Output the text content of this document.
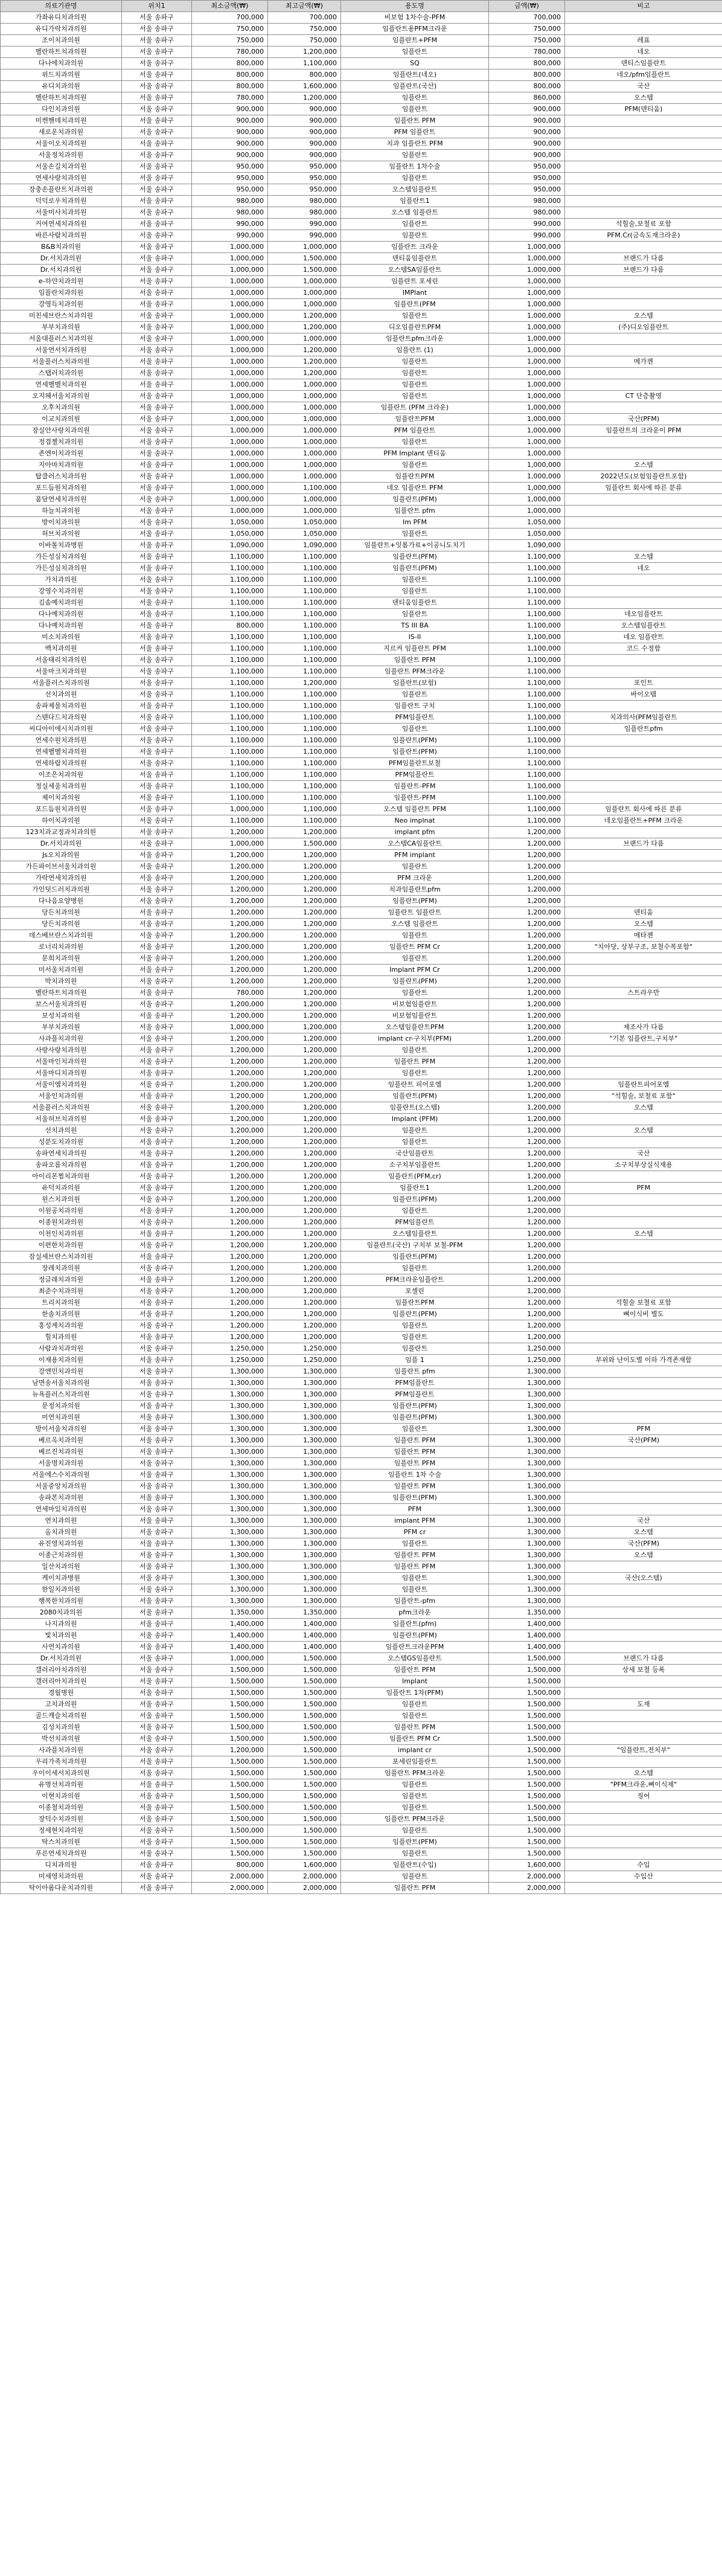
의료기관명	위치1	최소금액(₩)	최고금액(₩)	용도명	금액(₩)	비고
가좌유디치과의원	서울 송파구	700,000	700,000	비보험 1차수술-PFM	700,000	
유디가락치과의원	서울 송파구	750,000	750,000	임플란트용PFM크라운	750,000	
조이치과의원	서울 송파구	750,000	750,000	임플란트+PFM	750,000	레표
벨란하트치과의원	서울 송파구	780,000	1,200,000	임플란트	780,000	네오
다나에치과의원	서울 송파구	800,000	1,100,000	SQ	800,000	덴티스임플란트
위드치과의원	서울 송파구	800,000	800,000	임플란트(네오)	800,000	네오/pfm임플란트
유디치과의원	서울 송파구	800,000	1,600,000	임플란트(국산)	800,000	국산
벨란하트치과의원	서울 송파구	780,000	1,200,000	임플란트	860,000	오스템
다인치과의원	서울 송파구	900,000	900,000	임플란트	900,000	PFM(덴티움)
미켄핸데치과의원	서울 송파구	900,000	900,000	임플란트 PFM	900,000	
새로운치과의원	서울 송파구	900,000	900,000	PFM 임플란트	900,000	
서울이오치과의원	서울 송파구	900,000	900,000	치과 임플란트 PFM	900,000	
서울정치과의원	서울 송파구	900,000	900,000	임플란트	900,000	
서울손길치과의원	서울 송파구	950,000	950,000	임플란트 1차수술	950,000	
연세사랑치과의원	서울 송파구	950,000	950,000	임플란트	950,000	
장충손플란트치과의원	서울 송파구	950,000	950,000	오스템임플란트	950,000	
덕덕로우치과의원	서울 송파구	980,000	980,000	임플란트1	980,000	
서울미사치과의원	서울 송파구	980,000	980,000	오스템 임플란트	980,000	
커여연세치과의원	서울 송파구	990,000	990,000	임플란트	990,000	석힐술,보철료 포함
바른사람치과의원	서울 송파구	990,000	990,000	임플란트	990,000	PFM.Cr(금속도재크라운)
B&B치과의원	서울 송파구	1,000,000	1,000,000	임플란트 크라운	1,000,000	
Dr.서치과의원	서울 송파구	1,000,000	1,500,000	덴티움임플란트	1,000,000	브랜드가 다름
Dr.서치과의원	서울 송파구	1,000,000	1,500,000	오스템SA임플란트	1,000,000	브랜드가 다름
e-하얀치과의원	서울 송파구	1,000,000	1,000,000	임플란트 포세린	1,000,000	
임플란치과의원	서울 송파구	1,000,000	1,000,000	IMPlant	1,000,000	
강영득치과의원	서울 송파구	1,000,000	1,000,000	임플란트(PFM	1,000,000	
미친세브란스치과의원	서울 송파구	1,000,000	1,200,000	임플란트	1,000,000	오스템
부부치과의원	서울 송파구	1,000,000	1,200,000	디오임플란트PFM	1,000,000	(주)디오임플란트
서울대플러스치과의원	서울 송파구	1,000,000	1,000,000	임플란트pfm크라운	1,000,000	
서울연서치과의원	서울 송파구	1,000,000	1,200,000	임플란트 (1)	1,000,000	
서울플러스치과의원	서울 송파구	1,000,000	1,200,000	임플란트	1,000,000	메가젠
스탭러치과의원	서울 송파구	1,000,000	1,200,000	임플란트	1,000,000	
연세벨벨치과의원	서울 송파구	1,000,000	1,000,000	임플란트	1,000,000	
오지혜서울치과의원	서울 송파구	1,000,000	1,000,000	임플란트	1,000,000	CT 단층촬영
오후치과의원	서울 송파구	1,000,000	1,000,000	임플란트 (PFM 크라운)	1,000,000	
이교치과의원	서울 송파구	1,000,000	1,000,000	임플란트PFM	1,000,000	국산(PFM)
장실안사랑치과의원	서울 송파구	1,000,000	1,000,000	PFM 임플란트	1,000,000	임플란트의 크라운이 PFM
정겹젤치과의원	서울 송파구	1,000,000	1,000,000	임플란트	1,000,000	
존엔이치과의원	서울 송파구	1,000,000	1,000,000	PFM Implant 덴티움	1,000,000	
지아마치과의원	서울 송파구	1,000,000	1,000,000	임플란트	1,000,000	오스템
탑클러스치과의원	서울 송파구	1,000,000	1,000,000	임플란트PFM	1,000,000	2022년도(보험임플란트포함)
포드듬원치과의원	서울 송파구	1,000,000	1,100,000	네오 임플란트 PFM	1,000,000	임플란트 회사에 따른 분류
품담연세치과의원	서울 송파구	1,000,000	1,000,000	임플란트(PFM)	1,000,000	
하늘치과의원	서울 송파구	1,000,000	1,000,000	임플란트 pfm	1,000,000	
방이치과의원	서울 송파구	1,050,000	1,050,000	Im PFM	1,050,000	
허브치과의원	서울 송파구	1,050,000	1,050,000	임플란트	1,050,000	
이바톨치과병원	서울 송파구	1,090,000	1,090,000	임플란트+잇몸가료+이공니도치기	1,090,000	
가든성심치과의원	서울 송파구	1,100,000	1,100,000	임플란트(PFM)	1,100,000	오스템
가든성심치과의원	서울 송파구	1,100,000	1,100,000	임플란트(PFM)	1,100,000	네오
가치과의원	서울 송파구	1,100,000	1,100,000	임플란트	1,100,000	
강영수치과의원	서울 송파구	1,100,000	1,100,000	임플란트	1,100,000	
김솜예치과의원	서울 송파구	1,100,000	1,100,000	덴티움임플란트	1,100,000	
다나예치과의원	서울 송파구	1,100,000	1,100,000	임플란트	1,100,000	네오임플란트
다나예치과의원	서울 송파구	800,000	1,100,000	TS III BA	1,100,000	오스템임플란트
미소치과의원	서울 송파구	1,100,000	1,100,000	IS-II	1,100,000	네오 임플란트
백치과의원	서울 송파구	1,100,000	1,100,000	지르켜 임플란트 PFM	1,100,000	코드 수정함
서울태리치과의원	서울 송파구	1,100,000	1,100,000	임플란트 PFM	1,100,000	
서울마크치과의원	서울 송파구	1,100,000	1,100,000	임플란트 PFM크라운	1,100,000	
서울플러스치과의원	서울 송파구	1,100,000	1,200,000	임플란트(보험)	1,100,000	포인트
선치과의원	서울 송파구	1,100,000	1,100,000	임플란트	1,100,000	바이오템
송파제물치과의원	서울 송파구	1,100,000	1,100,000	임플란트 구치	1,100,000	
스탠다드치과의원	서울 송파구	1,100,000	1,100,000	PFM임플란트	1,100,000	치과의사(PFM임플란트
씨디아이에시치과의원	서울 송파구	1,100,000	1,100,000	임플란트	1,100,000	임플란트pfm
연세수원치과의원	서울 송파구	1,100,000	1,100,000	임플란트(PFM)	1,100,000	
연세벨벨치과의원	서울 송파구	1,100,000	1,100,000	임플란트(PFM)	1,100,000	
연세하람치과의원	서울 송파구	1,100,000	1,100,000	PFM임플란트보철	1,100,000	
이조은치과의원	서울 송파구	1,100,000	1,100,000	PFM임플란트	1,100,000	
정실세울치과의원	서울 송파구	1,100,000	1,100,000	임플란트-PFM	1,100,000	
제이치과의원	서울 송파구	1,100,000	1,100,000	임플란트-PFM	1,100,000	
포드듬원치과의원	서울 송파구	1,000,000	1,100,000	오스템 임플란트 PFM	1,100,000	임플란트 회사에 따른 분류
하이치과의원	서울 송파구	1,100,000	1,100,000	Neo implnat	1,100,000	네오임플란트+PFM 크라운
123치과교정과치과의원	서울 송파구	1,200,000	1,200,000	implant pfm	1,200,000	
Dr.서치과의원	서울 송파구	1,000,000	1,500,000	오스템CA임플란트	1,200,000	브랜드가 다름
Js오치과의원	서울 송파구	1,200,000	1,200,000	PFM implant	1,200,000	
가든파이브서울치과의원	서울 송파구	1,200,000	1,200,000	임플란트	1,200,000	
가락연세치과의원	서울 송파구	1,200,000	1,200,000	PFM 크라운	1,200,000	
가인덧드러치과의원	서울 송파구	1,200,000	1,200,000	치과임플란트pfm	1,200,000	
다나음요양병원	서울 송파구	1,200,000	1,200,000	임플란트(PFM)	1,200,000	
당든치과의원	서울 송파구	1,200,000	1,200,000	임플란트 임플란트	1,200,000	덴티움
당든치과의원	서울 송파구	1,200,000	1,200,000	오스템 임플란트	1,200,000	오스템
데스베브란스치과의원	서울 송파구	1,200,000	1,200,000	임플란트	1,200,000	메타젠
로너리치과의원	서울 송파구	1,200,000	1,200,000	임플란트 PFM Cr	1,200,000	"치아당, 상부구조, 보철수복포함"
문희치과의원	서울 송파구	1,200,000	1,200,000	임플란트	1,200,000	
미서울치과의원	서울 송파구	1,200,000	1,200,000	Implant PFM Cr	1,200,000	
박치과의원	서울 송파구	1,200,000	1,200,000	임플란트(PFM)	1,200,000	
벨란하트치과의원	서울 송파구	780,000	1,200,000	임플란트	1,200,000	스트라우만
보스서울치과의원	서울 송파구	1,200,000	1,200,000	비보험임플란트	1,200,000	
보성치과의원	서울 송파구	1,200,000	1,200,000	비보험임플란트	1,200,000	
부부치과의원	서울 송파구	1,000,000	1,200,000	오스템임플란트PFM	1,200,000	제조사가 다름
사과플치과의원	서울 송파구	1,200,000	1,200,000	implant cr-구치부(PFM)	1,200,000	"기본 임플란트,구치부"
사랑사랑치과의원	서울 송파구	1,200,000	1,200,000	임플란트	1,200,000	
서울마인치과의원	서울 송파구	1,200,000	1,200,000	임플란트 PFM	1,200,000	
서울마디치과의원	서울 송파구	1,200,000	1,200,000	임플란트	1,200,000	
서울이엠치과의원	서울 송파구	1,200,000	1,200,000	임플란트 피어포엠	1,200,000	임플란트피어포엠
서울인치과의원	서울 송파구	1,200,000	1,200,000	임플란트(PFM)	1,200,000	"석힐술, 보철료 포함"
서울플러스치과의원	서울 송파구	1,200,000	1,200,000	임플란트(오스템)	1,200,000	오스템
서울허브치과의원	서울 송파구	1,200,000	1,200,000	Implant (PFM)	1,200,000	
선치과의원	서울 송파구	1,200,000	1,200,000	임플란트	1,200,000	오스템
성분도치과의원	서울 송파구	1,200,000	1,200,000	임플란트	1,200,000	
송파연세치과의원	서울 송파구	1,200,000	1,200,000	국산임플란트	1,200,000	국산
송파오름치과의원	서울 송파구	1,200,000	1,200,000	소구치부임플란트	1,200,000	소구치부상실식재용
아이리몬찜치과의원	서울 송파구	1,200,000	1,200,000	임플란트(PFM,cr)	1,200,000	
유덕치과의원	서울 송파구	1,200,000	1,200,000	임플란트1	1,200,000	PFM
윈스치과의원	서울 송파구	1,200,000	1,200,000	임플란트(PFM)	1,200,000	
이원공치과의원	서울 송파구	1,200,000	1,200,000	임플란트	1,200,000	
이종원치과의원	서울 송파구	1,200,000	1,200,000	PFM임플란트	1,200,000	
이천인치과의원	서울 송파구	1,200,000	1,200,000	오스템임플란트	1,200,000	오스템
이편한치과의원	서울 송파구	1,200,000	1,200,000	임플란트(국산) 구치부 보철-PFM	1,200,000	
잠실세브란스치과의원	서울 송파구	1,200,000	1,200,000	임플란트(PFM)	1,200,000	
장레치과의원	서울 송파구	1,200,000	1,200,000	임플란트	1,200,000	
정글래치과의원	서울 송파구	1,200,000	1,200,000	PFM크라운임플란트	1,200,000	
최준수치과의원	서울 송파구	1,200,000	1,200,000	포셀린	1,200,000	
트리치과의원	서울 송파구	1,200,000	1,200,000	임플란트PFM	1,200,000	석힐술 보철료 포함
한솔치과의원	서울 송파구	1,200,000	1,200,000	임플란트(PFM)	1,200,000	뼈이식비 별도
홍성계치과의원	서울 송파구	1,200,000	1,200,000	임플란트	1,200,000	
힐치과의원	서울 송파구	1,200,000	1,200,000	임플란트	1,200,000	
사람과치과의원	서울 송파구	1,250,000	1,250,000	임플란트	1,250,000	
이재용치과의원	서울 송파구	1,250,000	1,250,000	임플 1	1,250,000	부위와 난이도별 이하 가격존재함
강엔민치과의원	서울 송파구	1,300,000	1,300,000	임플란트 pfm	1,300,000	
남면송서울치과의원	서울 송파구	1,300,000	1,300,000	PFM임플란트	1,300,000	
뉴욕플러스치과의원	서울 송파구	1,300,000	1,300,000	PFM임플란트	1,300,000	
문정치과의원	서울 송파구	1,300,000	1,300,000	임플란트(PFM)	1,300,000	
미연치과의원	서울 송파구	1,300,000	1,300,000	임플란트(PFM)	1,300,000	
방이서울치과의원	서울 송파구	1,300,000	1,300,000	임플란트	1,300,000	PFM
베르옥치과의원	서울 송파구	1,300,000	1,300,000	임플란트 PFM	1,300,000	국산(PFM)
베르진치과의원	서울 송파구	1,300,000	1,300,000	임플란트 PFM	1,300,000	
서울명치과의원	서울 송파구	1,300,000	1,300,000	임플란트 PFM	1,300,000	
서울에스수치과의원	서울 송파구	1,300,000	1,300,000	임플란트 1차 수술	1,300,000	
서울중앙치과의원	서울 송파구	1,300,000	1,300,000	임플란트 PFM	1,300,000	
송파본치과의원	서울 송파구	1,300,000	1,300,000	임플란트(PFM)	1,300,000	
연세마있치과의원	서울 송파구	1,300,000	1,300,000	PFM	1,300,000	
연치과의원	서울 송파구	1,300,000	1,300,000	implant PFM	1,300,000	국산
올치과의원	서울 송파구	1,300,000	1,300,000	PFM cr	1,300,000	오스템
유진영치과의원	서울 송파구	1,300,000	1,300,000	임플란트	1,300,000	국산(PFM)
이종근치과의원	서울 송파구	1,300,000	1,300,000	임플란트 PFM	1,300,000	오스템
일산치과의원	서울 송파구	1,300,000	1,300,000	임플란트 PFM	1,300,000	
케이치과병원	서울 송파구	1,300,000	1,300,000	임플란트	1,300,000	국산(오스템)
한일치과의원	서울 송파구	1,300,000	1,300,000	임플란트	1,300,000	
행복한치과의원	서울 송파구	1,300,000	1,300,000	임플란트-pfm	1,300,000	
2080치과의원	서울 송파구	1,350,000	1,350,000	pfm크라운	1,350,000	
나지과의원	서울 송파구	1,400,000	1,400,000	임플란트(pfm)	1,400,000	
빛치과의원	서울 송파구	1,400,000	1,400,000	임플란트(PFM)	1,400,000	
사연치과의원	서울 송파구	1,400,000	1,400,000	임플란트크라운PFM	1,400,000	
Dr.서치과의원	서울 송파구	1,000,000	1,500,000	오스템GS임플란트	1,500,000	브랜드가 다름
갤러리아치과의원	서울 송파구	1,500,000	1,500,000	임플란트 PFM	1,500,000	상세 보철 등록
갤러리아치과의원	서울 송파구	1,500,000	1,500,000	Implant	1,500,000	
경월병원	서울 송파구	1,500,000	1,500,000	임플란트 1차(PFM)	1,500,000	
고치과의원	서울 송파구	1,500,000	1,500,000	임플란트	1,500,000	도재
골드캐슬치과의원	서울 송파구	1,500,000	1,500,000	임플란트	1,500,000	
김성치과의원	서울 송파구	1,500,000	1,500,000	임플란트 PFM	1,500,000	
박선치과의원	서울 송파구	1,500,000	1,500,000	임플란트 PFM Cr	1,500,000	
사과플치과의원	서울 송파구	1,200,000	1,500,000	implant cr	1,500,000	"임플란트,전치부"
우리가족치과의원	서울 송파구	1,500,000	1,500,000	포세린임플란트	1,500,000	
우이이세서치과의원	서울 송파구	1,500,000	1,500,000	임플란트 PFM크라운	1,500,000	오스템
유명선치과의원	서울 송파구	1,500,000	1,500,000	임플란트	1,500,000	"PFM크라운,뼈이식제"
이현치과의원	서울 송파구	1,500,000	1,500,000	임플란트	1,500,000	징어
이종철치과의원	서울 송파구	1,500,000	1,500,000	임플란트	1,500,000	
장덕수치과의원	서울 송파구	1,500,000	1,500,000	임플란트 PFM크라운	1,500,000	
정세현치과의원	서울 송파구	1,500,000	1,500,000	임플란트	1,500,000	
탁스치과의원	서울 송파구	1,500,000	1,500,000	임플란트(PFM)	1,500,000	
푸른연세치과의원	서울 송파구	1,500,000	1,500,000	임플란트	1,500,000	
디치과의원	서울 송파구	800,000	1,600,000	임플란트(수입)	1,600,000	수입
미세영치과의원	서울 송파구	2,000,000	2,000,000	임플란트	2,000,000	수입산
탁이아롬다운치과의원	서울 송파구	2,000,000	2,000,000	임플란트 PFM	2,000,000	
